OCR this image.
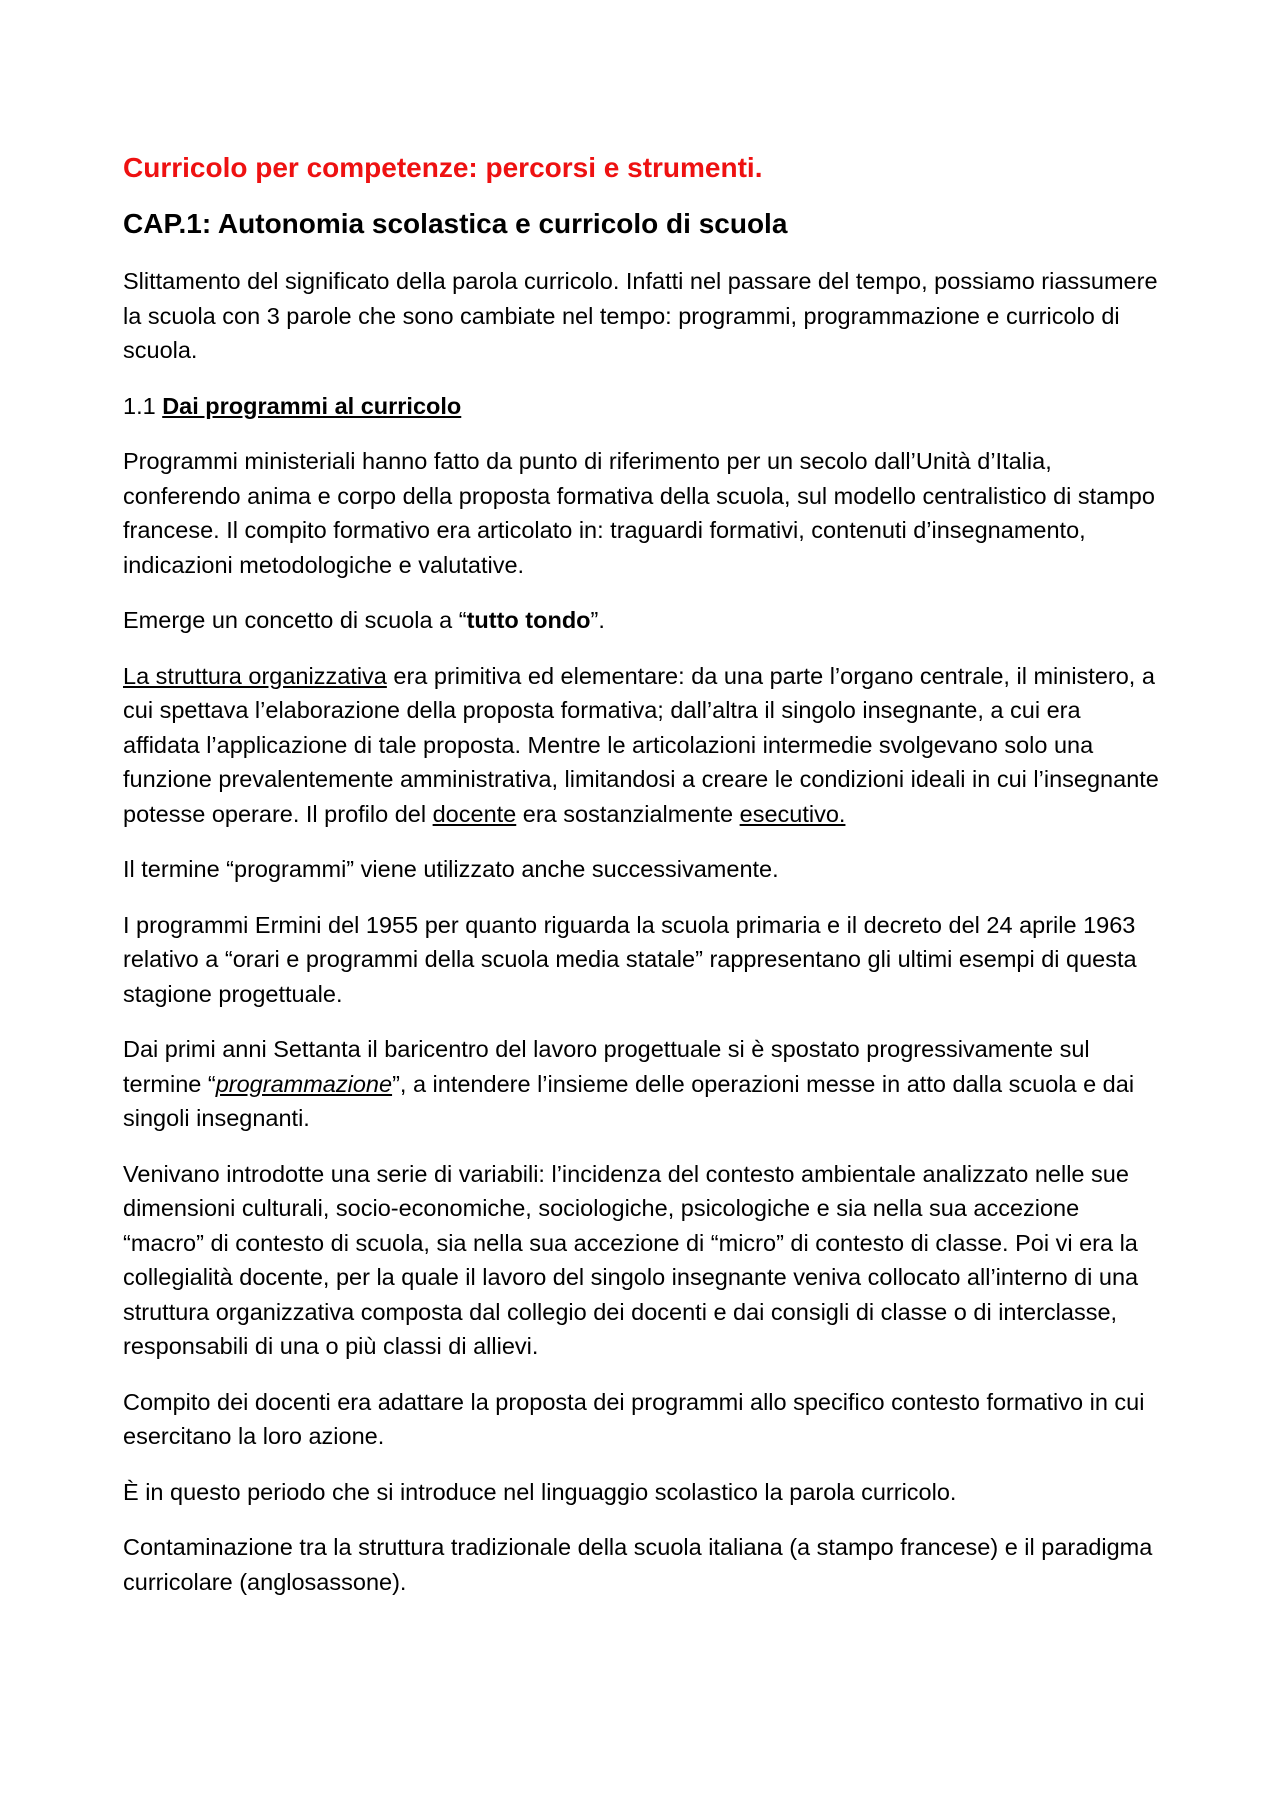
Curricolo per competenze: percorsi e strumenti.
CAP.1: Autonomia scolastica e curricolo di scuola

Slittamento del significato della parola curricolo. Infatti nel passare del tempo, possiamo riassumere la scuola con 3 parole che sono cambiate nel tempo: programmi, programmazione e curricolo di scuola.

1.1 Dai programmi al curricolo

Programmi ministeriali hanno fatto da punto di riferimento per un secolo dall’Unità d’Italia, conferendo anima e corpo della proposta formativa della scuola, sul modello centralistico di stampo francese. Il compito formativo era articolato in: traguardi formativi, contenuti d’insegnamento, indicazioni metodologiche e valutative.

Emerge un concetto di scuola a “tutto tondo”.

La struttura organizzativa era primitiva ed elementare: da una parte l’organo centrale, il ministero, a cui spettava l’elaborazione della proposta formativa; dall’altra il singolo insegnante, a cui era affidata l’applicazione di tale proposta. Mentre le articolazioni intermedie svolgevano solo una funzione prevalentemente amministrativa, limitandosi a creare le condizioni ideali in cui l’insegnante potesse operare. Il profilo del docente era sostanzialmente esecutivo.

Il termine “programmi” viene utilizzato anche successivamente.

I programmi Ermini del 1955 per quanto riguarda la scuola primaria e il decreto del 24 aprile 1963 relativo a “orari e programmi della scuola media statale” rappresentano gli ultimi esempi di questa stagione progettuale.

Dai primi anni Settanta il baricentro del lavoro progettuale si è spostato progressivamente sul termine “programmazione”, a intendere l’insieme delle operazioni messe in atto dalla scuola e dai singoli insegnanti.

Venivano introdotte una serie di variabili: l’incidenza del contesto ambientale analizzato nelle sue dimensioni culturali, socio-economiche, sociologiche, psicologiche e sia nella sua accezione “macro” di contesto di scuola, sia nella sua accezione di “micro” di contesto di classe. Poi vi era la collegialità docente, per la quale il lavoro del singolo insegnante veniva collocato all’interno di una struttura organizzativa composta dal collegio dei docenti e dai consigli di classe o di interclasse, responsabili di una o più classi di allievi.

Compito dei docenti era adattare la proposta dei programmi allo specifico contesto formativo in cui esercitano la loro azione.

È in questo periodo che si introduce nel linguaggio scolastico la parola curricolo.

Contaminazione tra la struttura tradizionale della scuola italiana (a stampo francese) e il paradigma curricolare (anglosassone).
